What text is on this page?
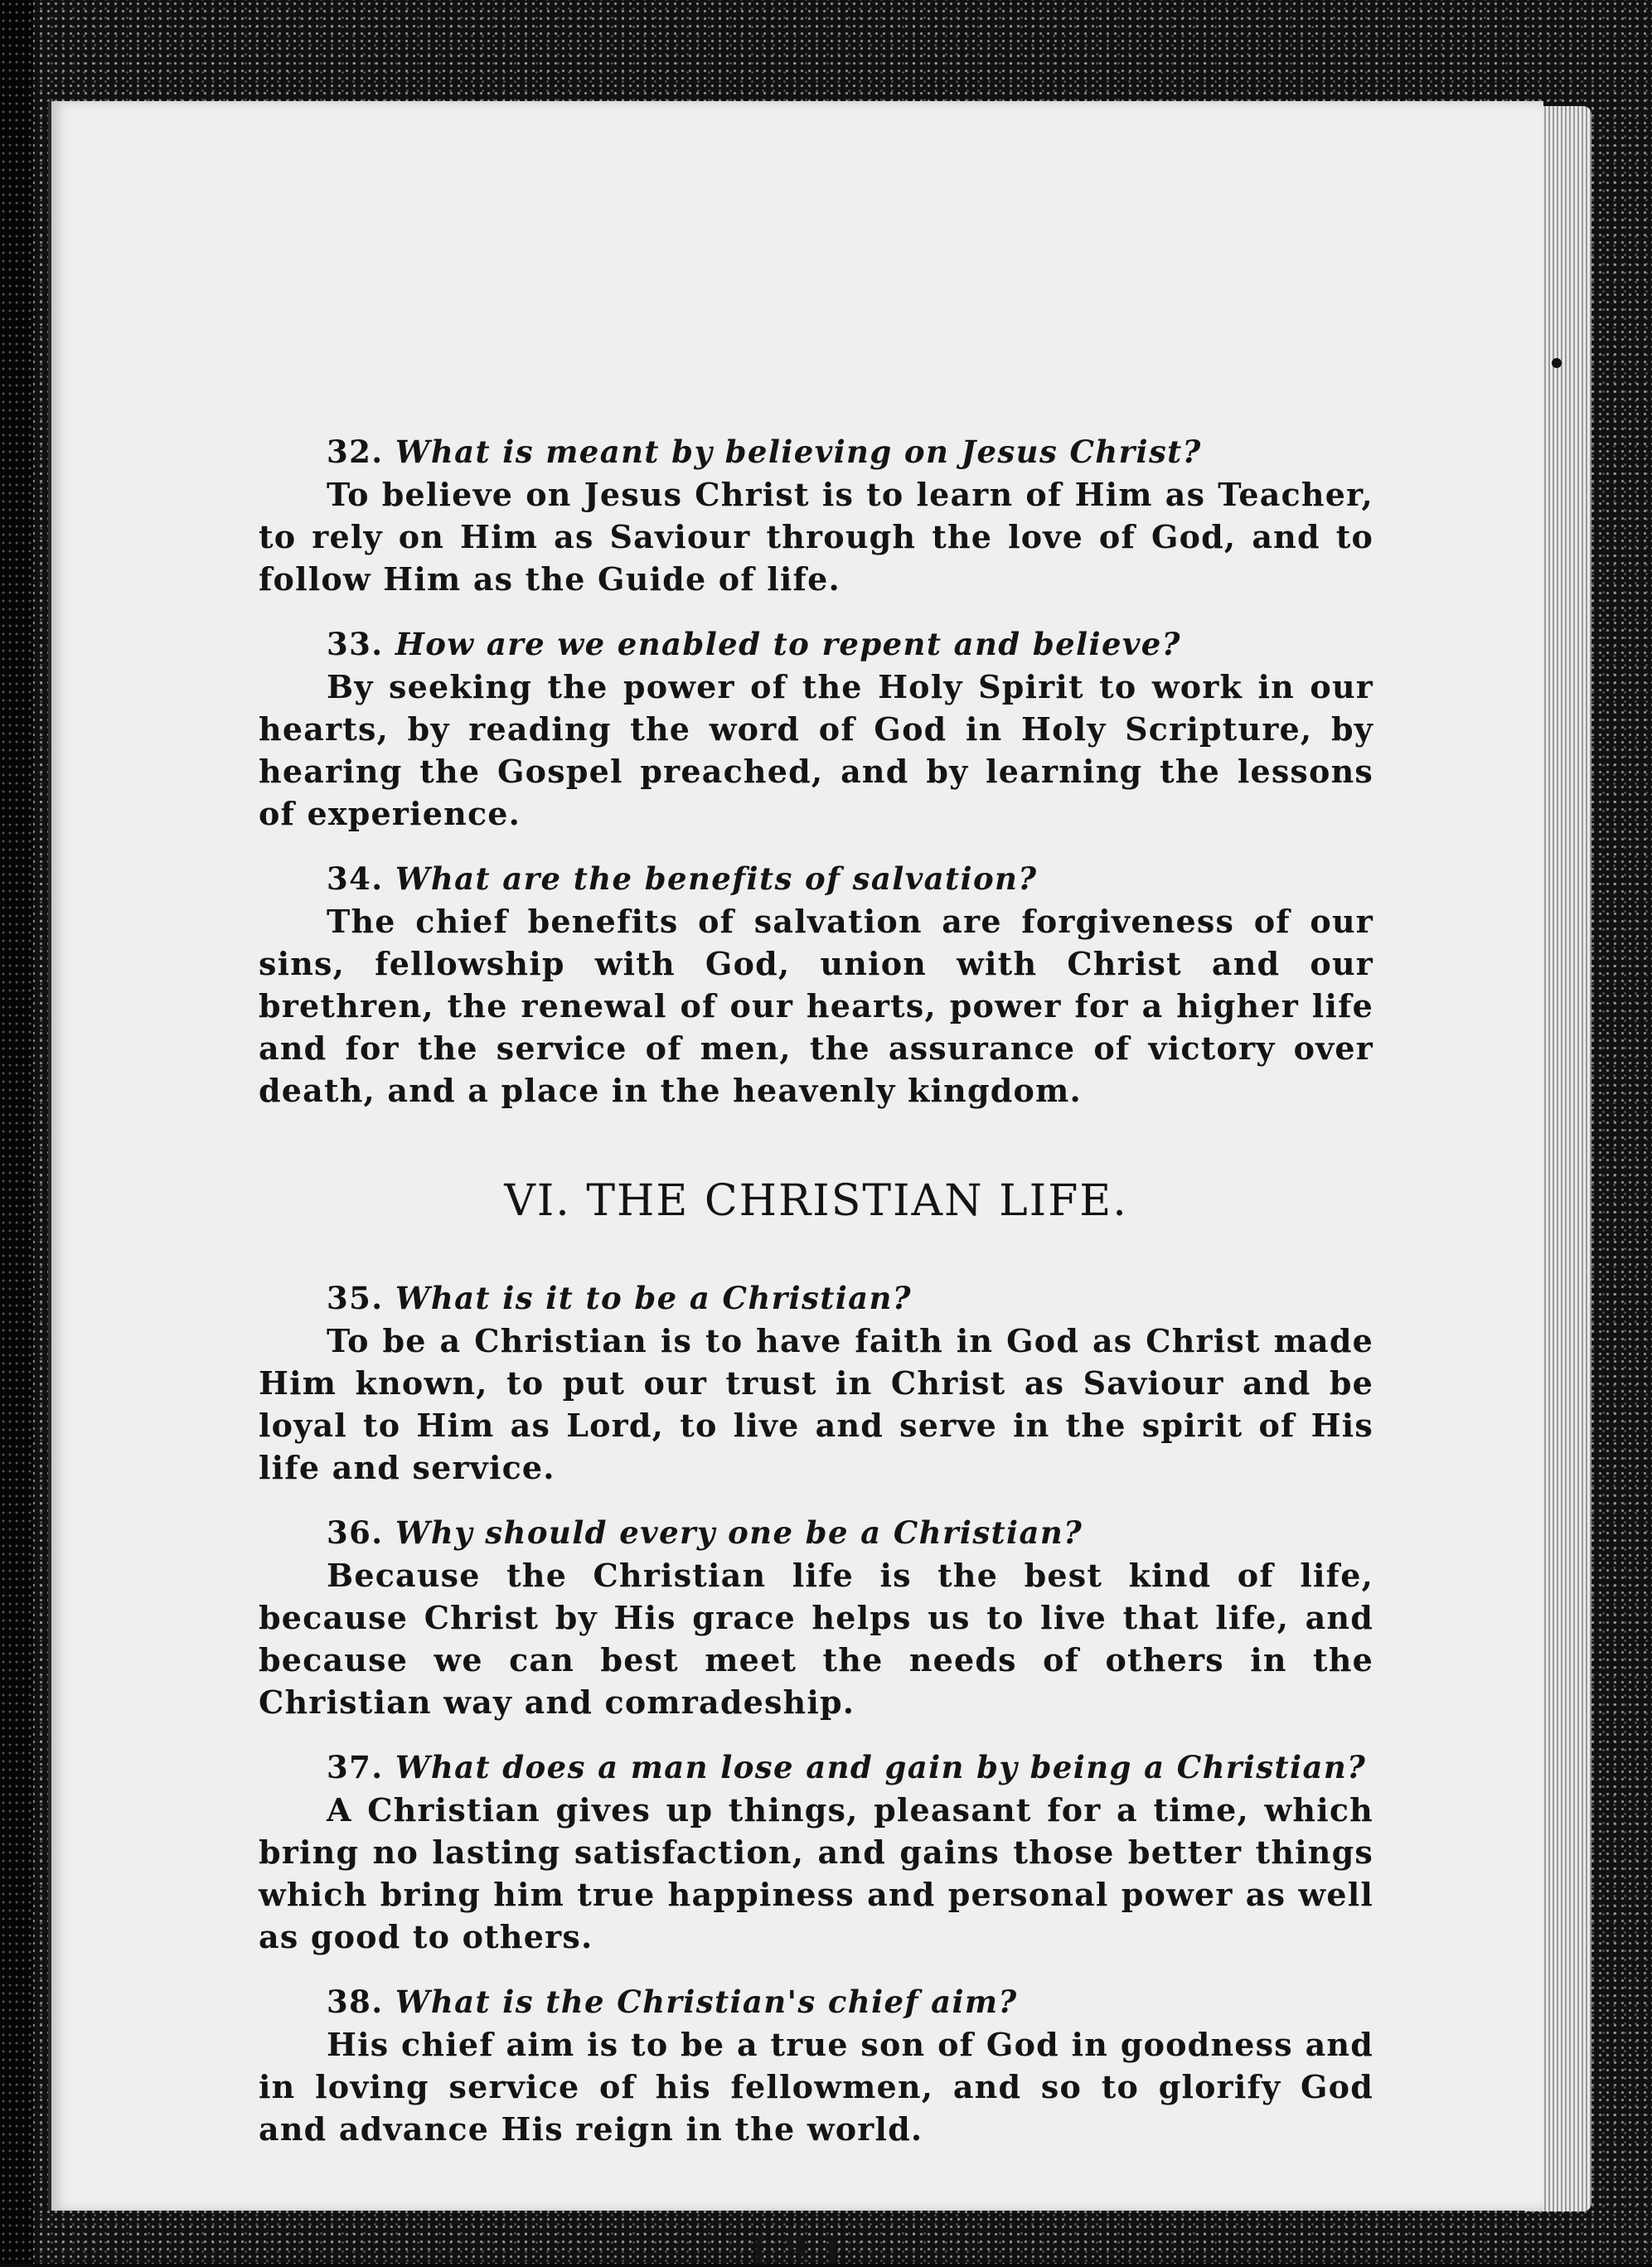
32. What is meant by believing on Jesus Christ?

To believe on Jesus Christ is to learn of Him as Teacher, to rely on Him as Saviour through the love of God, and to follow Him as the Guide of life.

33. How are we enabled to repent and believe?

By seeking the power of the Holy Spirit to work in our hearts, by reading the word of God in Holy Scripture, by hearing the Gospel preached, and by learning the lessons of experience.

34. What are the benefits of salvation?

The chief benefits of salvation are forgiveness of our sins, fellowship with God, union with Christ and our brethren, the renewal of our hearts, power for a higher life and for the service of men, the assurance of victory over death, and a place in the heavenly kingdom.

VI. THE CHRISTIAN LIFE.

35. What is it to be a Christian?

To be a Christian is to have faith in God as Christ made Him known, to put our trust in Christ as Saviour and be loyal to Him as Lord, to live and serve in the spirit of His life and service.

36. Why should every one be a Christian?

Because the Christian life is the best kind of life, because Christ by His grace helps us to live that life, and because we can best meet the needs of others in the Christian way and comradeship.

37. What does a man lose and gain by being a Christian?

A Christian gives up things, pleasant for a time, which bring no lasting satisfaction, and gains those better things which bring him true happiness and personal power as well as good to others.

38. What is the Christian's chief aim?

His chief aim is to be a true son of God in goodness and in loving service of his fellowmen, and so to glorify God and advance His reign in the world.

[ 9 ]
